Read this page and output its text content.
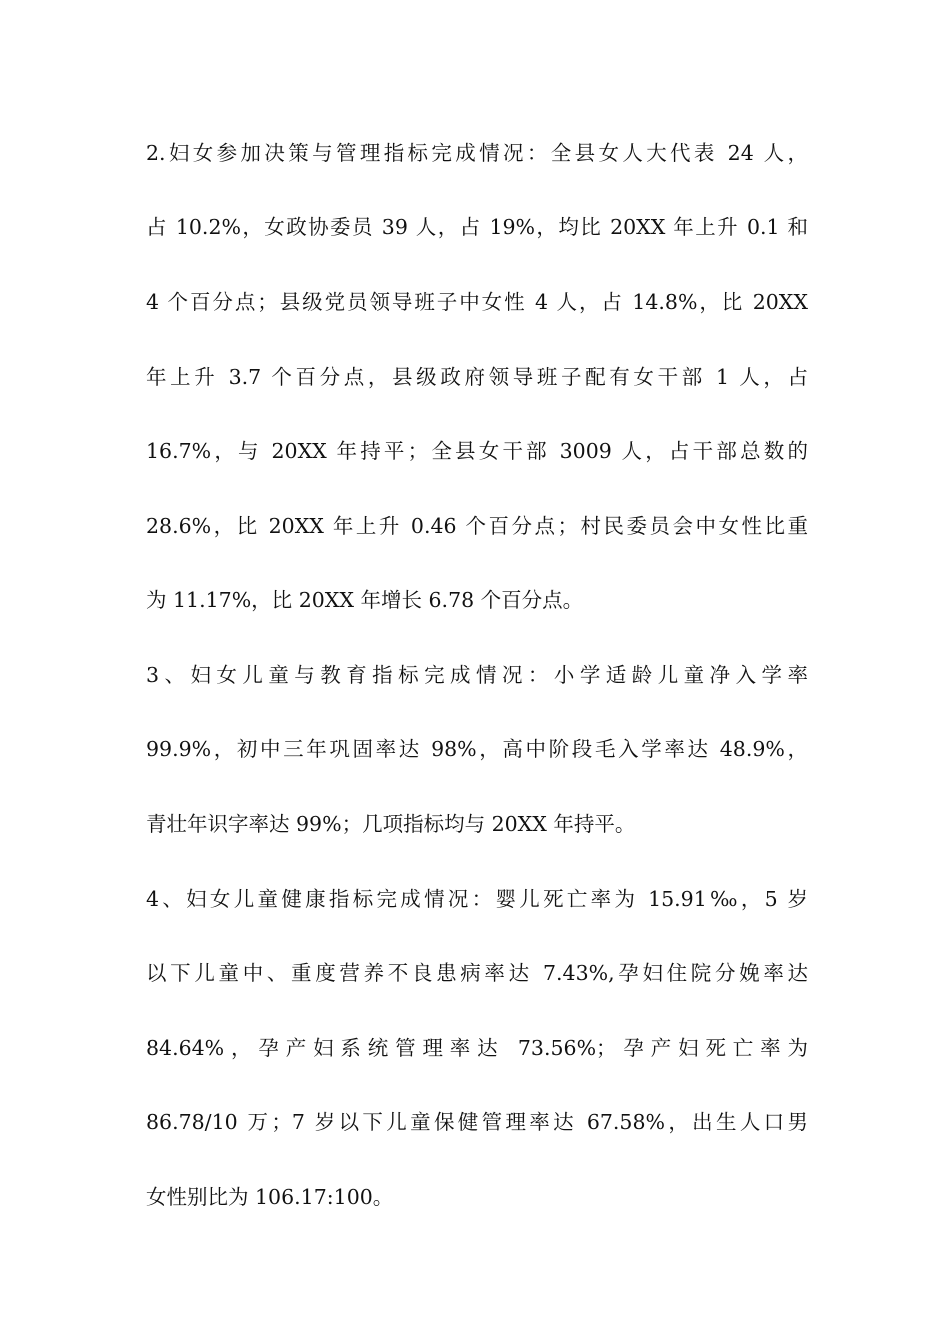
2.妇女参加决策与管理指标完成情况：全县女人大代表 24 人，
占 10.2%，女政协委员 39 人，占 19%，均比 20XX 年上升 0.1 和
4 个百分点；县级党员领导班子中女性 4 人，占 14.8%，比 20XX
年上升 3.7 个百分点，县级政府领导班子配有女干部 1 人，占
16.7%，与 20XX 年持平；全县女干部 3009 人，占干部总数的
28.6%，比 20XX 年上升 0.46 个百分点；村民委员会中女性比重
为 11.17%，比 20XX 年增长 6.78 个百分点。
3、妇女儿童与教育指标完成情况：小学适龄儿童净入学率
99.9%，初中三年巩固率达 98%，高中阶段毛入学率达 48.9%，
青壮年识字率达 99%；几项指标均与 20XX 年持平。
4、妇女儿童健康指标完成情况：婴儿死亡率为 15.91‰，5 岁
以下儿童中、重度营养不良患病率达 7.43%,孕妇住院分娩率达
84.64%，孕产妇系统管理率达 73.56%；孕产妇死亡率为
86.78/10 万；7 岁以下儿童保健管理率达 67.58%，出生人口男
女性别比为 106.17:100。
